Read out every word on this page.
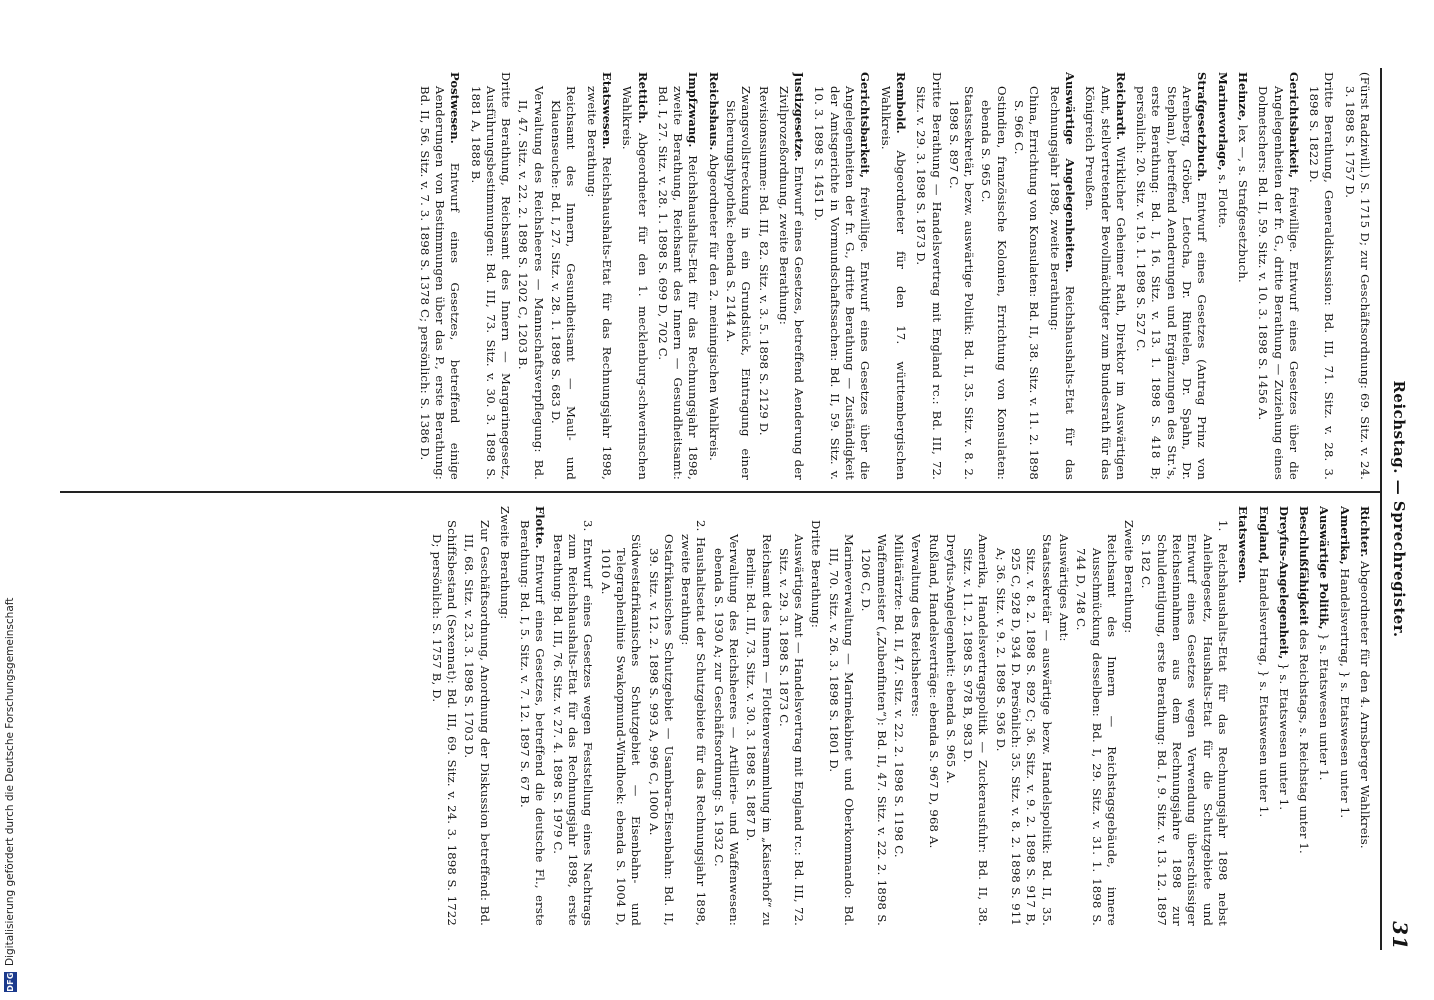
Reichstag. — Sprechregister.
31
(Fürst Radziwill.) S. 1715 D; zur Geschäftsordnung: 69. Sitz. v. 24. 3. 1898 S. 1757 D.
Dritte Berathung, Generaldiskussion: Bd. III, 71. Sitz. v. 28. 3. 1898 S. 1822 D.
Gerichtsbarkeit, freiwillige. Entwurf eines Gesetzes über die Angelegenheiten der fr. G., dritte Berathung — Zuziehung eines Dolmetschers: Bd. II, 59. Sitz. v. 10. 3. 1898 S. 1456 A.
Heinze, lex —, s. Strafgesetzbuch.
Marinevorlage, s. Flotte.
Strafgesetzbuch. Entwurf eines Gesetzes (Antrag Prinz von Arenberg, Gröber, Letocha, Dr. Rintelen, Dr. Spahn, Dr. Stephan), betreffend Aenderungen und Ergänzungen des Str.'s, erste Berathung: Bd. I, 16. Sitz. v. 13. 1. 1898 S. 418 B; persönlich: 20. Sitz. v. 19. 1. 1898 S. 527 C.
Reichardt. Wirklicher Geheimer Rath, Direktor im Auswärtigen Amt, stellvertretender Bevollmächtigter zum Bundesrath für das Königreich Preußen.
Auswärtige Angelegenheiten. Reichshaushalts-Etat für das Rechnungsjahr 1898, zweite Berathung:
China, Errichtung von Konsulaten: Bd. II, 38. Sitz. v. 11. 2. 1898 S. 966 C.
Ostindien, französische Kolonien, Errichtung von Konsulaten: ebenda S. 965 C.
Staatssekretär, bezw. auswärtige Politik: Bd. II, 35. Sitz. v. 8. 2. 1898 S. 897 C.
Dritte Berathung — Handelsvertrag mit England rc.: Bd. III, 72. Sitz. v. 29. 3. 1898 S. 1873 D.
Rembold. Abgeordneter für den 17. württembergischen Wahlkreis.
Gerichtsbarkeit, freiwillige. Entwurf eines Gesetzes über die Angelegenheiten der fr. G., dritte Berathung — Zuständigkeit der Amtsgerichte in Vormundschaftssachen: Bd. II, 59. Sitz. v. 10. 3. 1898 S. 1451 D.
Justizgesetze. Entwurf eines Gesetzes, betreffend Aenderung der Zivilprozeßordnung, zweite Berathung:
Revisionssumme: Bd. III, 82. Sitz. v. 3. 5. 1898 S. 2129 D.
Zwangsvollstreckung in ein Grundstück, Eintragung einer Sicherungshypothek: ebenda S. 2144 A.
Reichshaus. Abgeordneter für den 2. meiningischen Wahlkreis.
Impfzwang. Reichshaushalts-Etat für das Rechnungsjahr 1898, zweite Berathung, Reichsamt des Innern — Gesundheitsamt: Bd. I, 27. Sitz. v. 28. 1. 1898 S. 699 D, 702 C.
Rettich. Abgeordneter für den 1. mecklenburg-schwerinschen Wahlkreis.
Etatswesen. Reichshaushalts-Etat für das Rechnungsjahr 1898, zweite Berathung:
Reichsamt des Innern, Gesundheitsamt — Maul- und Klauenseuche: Bd. I, 27. Sitz. v. 28. 1. 1898 S. 683 D.
Verwaltung des Reichsheeres — Mannschaftsverpflegung: Bd. II, 47. Sitz. v. 22. 2. 1898 S. 1202 C, 1203 B.
Dritte Berathung, Reichsamt des Innern — Margarinegesetz, Ausführungsbestimmungen: Bd. III, 73. Sitz. v. 30. 3. 1898 S. 1881 A, 1888 B.
Postwesen. Entwurf eines Gesetzes, betreffend einige Aenderungen von Bestimmungen über das P., erste Berathung: Bd. II, 56. Sitz. v. 7. 3. 1898 S. 1378 C; persönlich: S. 1386 D.
Richter. Abgeordneter für den 4. Arnsberger Wahlkreis.
Amerika, Handelsvertrag, } s. Etatswesen unter 1.
Auswärtige Politik, } s. Etatswesen unter 1.
Beschlußfähigkeit des Reichstags, s. Reichstag unter 1.
Dreyfus-Angelegenheit, } s. Etatswesen unter 1.
England, Handelsvertrag, } s. Etatswesen unter 1.
Etatswesen.
1. Reichshaushalts-Etat für das Rechnungsjahr 1898 nebst Anleihegesetz, Haushalts-Etat für die Schutzgebiete und Entwurf eines Gesetzes wegen Verwendung überschüssiger Reichseinnahmen aus dem Rechnungsjahre 1898 zur Schuldentilgung, erste Berathung: Bd. I, 9. Sitz. v. 13. 12. 1897 S. 182 C.
Zweite Berathung:
Reichsamt des Innern — Reichstagsgebäude, innere Ausschmückung desselben: Bd. I, 29. Sitz. v. 31. 1. 1898 S. 744 D, 748 C.
Auswärtiges Amt:
Staatssekretär — auswärtige bezw. Handelspolitik: Bd. II, 35. Sitz. v. 8. 2. 1898 S. 892 C; 36. Sitz. v. 9. 2. 1898 S. 917 B, 925 C, 928 D, 934 D. Persönlich: 35. Sitz. v. 8. 2. 1898 S. 911 A; 36. Sitz. v. 9. 2. 1898 S. 936 D.
Amerika, Handelsvertragspolitik — Zuckerausfuhr: Bd. II, 38. Sitz. v. 11. 2. 1898 S. 978 B, 983 D.
Dreyfus-Angelegenheit: ebenda S. 965 A.
Rußland, Handelsverträge: ebenda S. 967 D, 968 A.
Verwaltung des Reichsheeres:
Militärärzte: Bd. II, 47. Sitz. v. 22. 2. 1898 S. 1198 C.
Waffenmeister („Zubenfinten“): Bd. II, 47. Sitz. v. 22. 2. 1898 S. 1206 C, D.
Marineverwaltung — Marinekabinet und Oberkommando: Bd. III, 70. Sitz. v. 26. 3. 1898 S. 1801 D.
Dritte Berathung:
Auswärtiges Amt — Handelsvertrag mit England rc.: Bd. III, 72. Sitz. v. 29. 3. 1898 S. 1873 C.
Reichsamt des Innern — Flottenversammlung im „Kaiserhof“ zu Berlin: Bd. III, 73. Sitz. v. 30. 3. 1898 S. 1887 D.
Verwaltung des Reichsheeres — Artillerie- und Waffenwesen: ebenda S. 1930 A; zur Geschäftsordnung: S. 1932 C.
2. Haushaltsetat der Schutzgebiete für das Rechnungsjahr 1898, zweite Berathung:
Ostafrikanisches Schutzgebiet — Usambara-Eisenbahn: Bd. II, 39. Sitz. v. 12. 2. 1898 S. 993 A, 996 C, 1000 A.
Südwestafrikanisches Schutzgebiet — Eisenbahn- und Telegraphenlinie Swakopmund-Windhoek: ebenda S. 1004 D, 1010 A.
3. Entwurf eines Gesetzes wegen Feststellung eines Nachtrags zum Reichshaushalts-Etat für das Rechnungsjahr 1898, erste Berathung: Bd. III, 76. Sitz. v. 27. 4. 1898 S. 1979 C.
Flotte. Entwurf eines Gesetzes, betreffend die deutsche Fl., erste Berathung: Bd. I, 5. Sitz. v. 7. 12. 1897 S. 67 B.
Zweite Berathung:
Zur Geschäftsordnung, Anordnung der Diskussion betreffend: Bd. III, 68. Sitz. v. 23. 3. 1898 S. 1703 D.
Schiffsbestand (Sexennat): Bd. III, 69. Sitz. v. 24. 3. 1898 S. 1722 D; persönlich: S. 1757 B, D.
DFG
Digitalisierung gefördert durch die Deutsche Forschungsgemeinschaft
